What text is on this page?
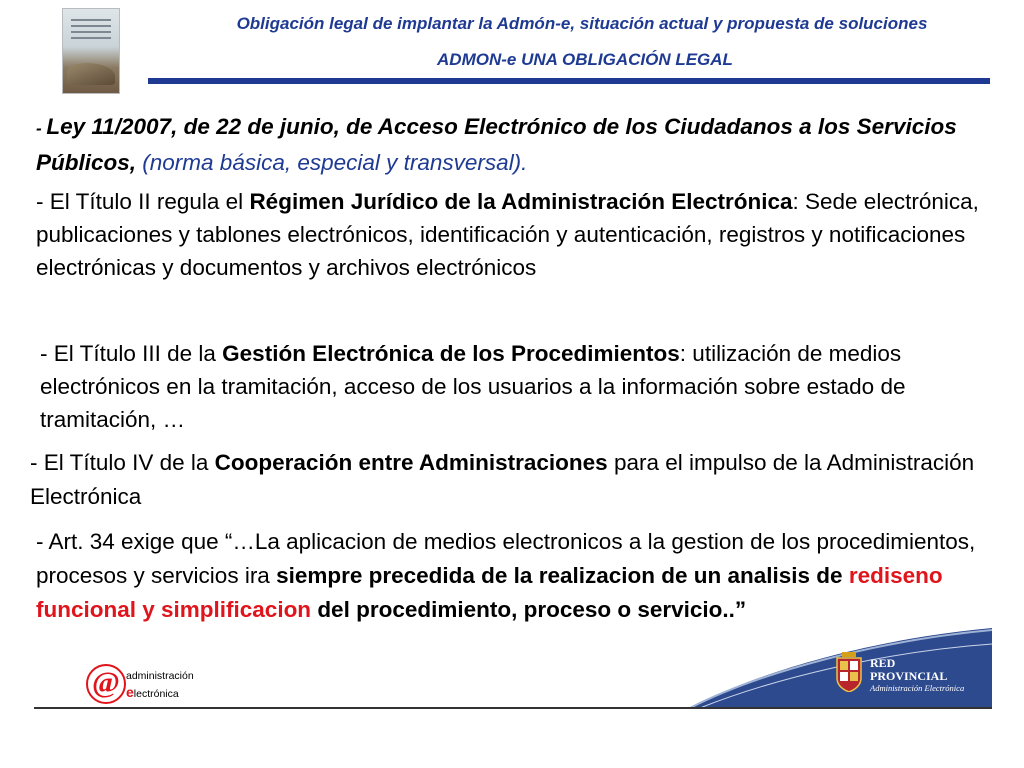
Obligación legal de implantar la Admón-e, situación actual y propuesta de soluciones
ADMON-e UNA OBLIGACIÓN LEGAL
- Ley 11/2007, de 22 de junio, de Acceso Electrónico de los Ciudadanos a los Servicios Públicos, (norma básica, especial y transversal).
- El Título II regula el Régimen Jurídico de la Administración Electrónica: Sede electrónica, publicaciones y tablones electrónicos, identificación y autenticación, registros y notificaciones electrónicas y documentos y archivos electrónicos
- El Título III de la Gestión Electrónica de los Procedimientos: utilización de medios electrónicos en la tramitación, acceso de los usuarios a la información sobre estado de tramitación, …
- El Título IV de la Cooperación entre Administraciones para el impulso de la Administración Electrónica
- Art. 34 exige que “…La aplicacion de medios electronicos a la gestion de los procedimientos, procesos y servicios ira siempre precedida de la realizacion de un analisis de rediseno funcional y simplificacion del procedimiento, proceso o servicio..”
@ administración
electrónica
RED
PROVINCIAL
Administración Electrónica
